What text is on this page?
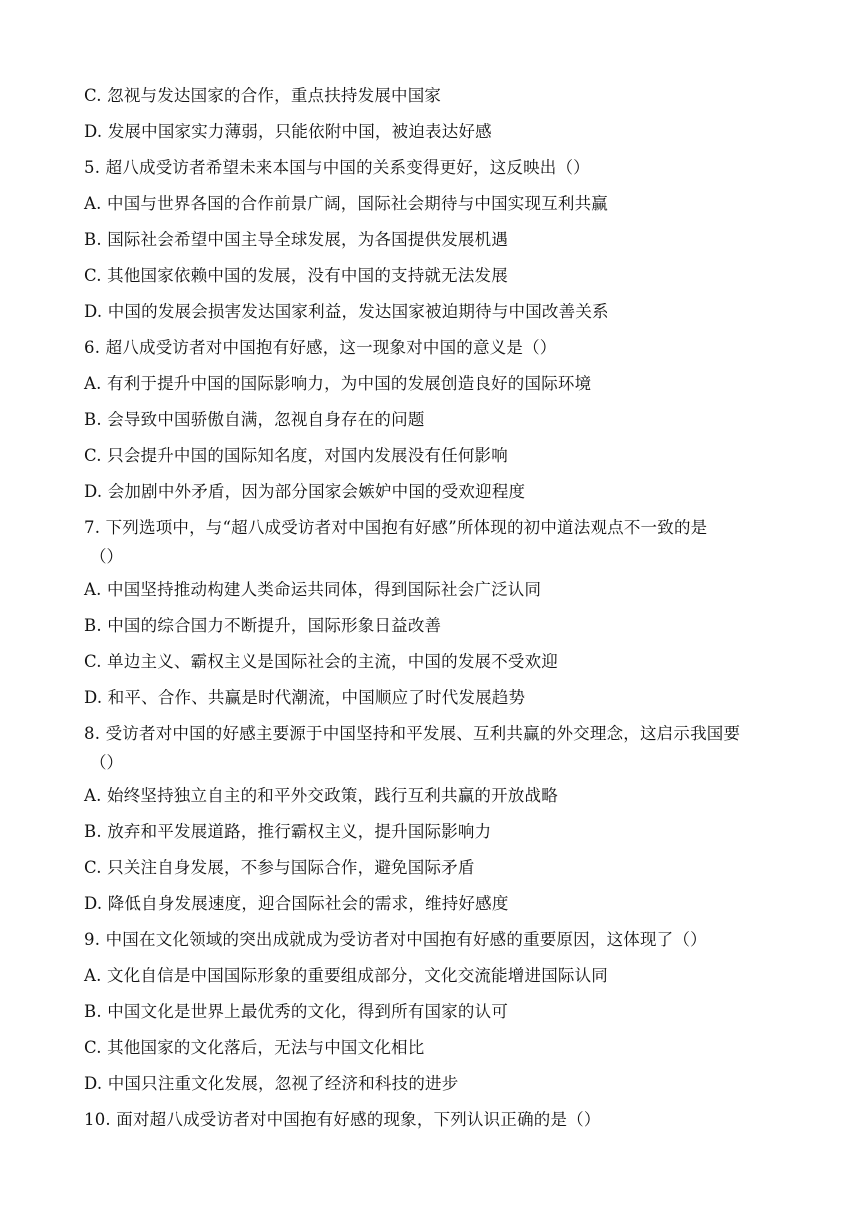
C. 忽视与发达国家的合作，重点扶持发展中国家
D. 发展中国家实力薄弱，只能依附中国，被迫表达好感
5. 超八成受访者希望未来本国与中国的关系变得更好，这反映出（）
A. 中国与世界各国的合作前景广阔，国际社会期待与中国实现互利共赢
B. 国际社会希望中国主导全球发展，为各国提供发展机遇
C. 其他国家依赖中国的发展，没有中国的支持就无法发展
D. 中国的发展会损害发达国家利益，发达国家被迫期待与中国改善关系
6. 超八成受访者对中国抱有好感，这一现象对中国的意义是（）
A. 有利于提升中国的国际影响力，为中国的发展创造良好的国际环境
B. 会导致中国骄傲自满，忽视自身存在的问题
C. 只会提升中国的国际知名度，对国内发展没有任何影响
D. 会加剧中外矛盾，因为部分国家会嫉妒中国的受欢迎程度
7. 下列选项中，与“超八成受访者对中国抱有好感”所体现的初中道法观点不一致的是
（）
A. 中国坚持推动构建人类命运共同体，得到国际社会广泛认同
B. 中国的综合国力不断提升，国际形象日益改善
C. 单边主义、霸权主义是国际社会的主流，中国的发展不受欢迎
D. 和平、合作、共赢是时代潮流，中国顺应了时代发展趋势
8. 受访者对中国的好感主要源于中国坚持和平发展、互利共赢的外交理念，这启示我国要
（）
A. 始终坚持独立自主的和平外交政策，践行互利共赢的开放战略
B. 放弃和平发展道路，推行霸权主义，提升国际影响力
C. 只关注自身发展，不参与国际合作，避免国际矛盾
D. 降低自身发展速度，迎合国际社会的需求，维持好感度
9. 中国在文化领域的突出成就成为受访者对中国抱有好感的重要原因，这体现了（）
A. 文化自信是中国国际形象的重要组成部分，文化交流能增进国际认同
B. 中国文化是世界上最优秀的文化，得到所有国家的认可
C. 其他国家的文化落后，无法与中国文化相比
D. 中国只注重文化发展，忽视了经济和科技的进步
10. 面对超八成受访者对中国抱有好感的现象，下列认识正确的是（）
